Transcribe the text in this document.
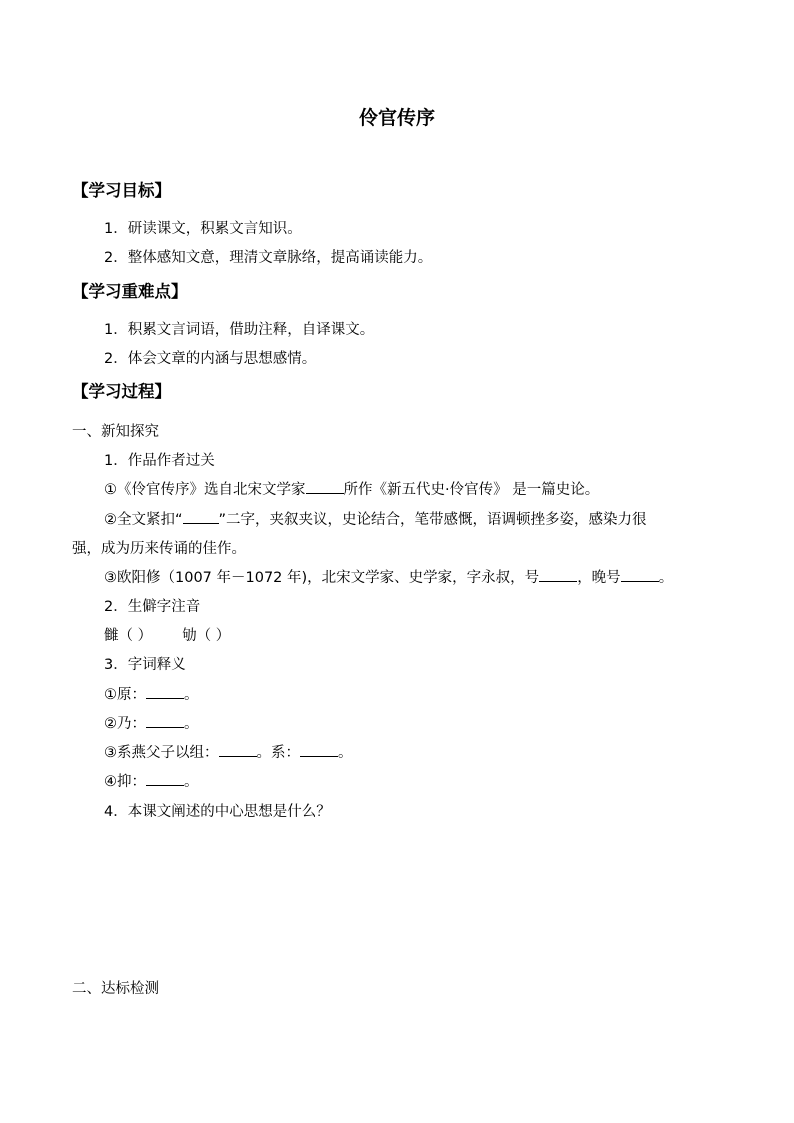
伶官传序
【学习目标】
1．研读课文，积累文言知识。
2．整体感知文意，理清文章脉络，提高诵读能力。
【学习重难点】
1．积累文言词语，借助注释，自译课文。
2．体会文章的内涵与思想感情。
【学习过程】
一、新知探究
1．作品作者过关
①《伶官传序》选自北宋文学家	所作《新五代史·伶官传》 是一篇史论。
②全文紧扣“ ”二字，夹叙夹议，史论结合，笔带感慨，语调顿挫多姿，感染力很
强，成为历来传诵的佳作。
③欧阳修（1007 年－1072 年)，北宋文学家、史学家，字永叔，号	，晚号	。
2．生僻字注音
雠（ ） 劬（ ）
3．字词释义
①原：	。
②乃：	。
③系燕父子以组：	。系：	。
④抑：	。
4．本课文阐述的中心思想是什么？
二、达标检测
